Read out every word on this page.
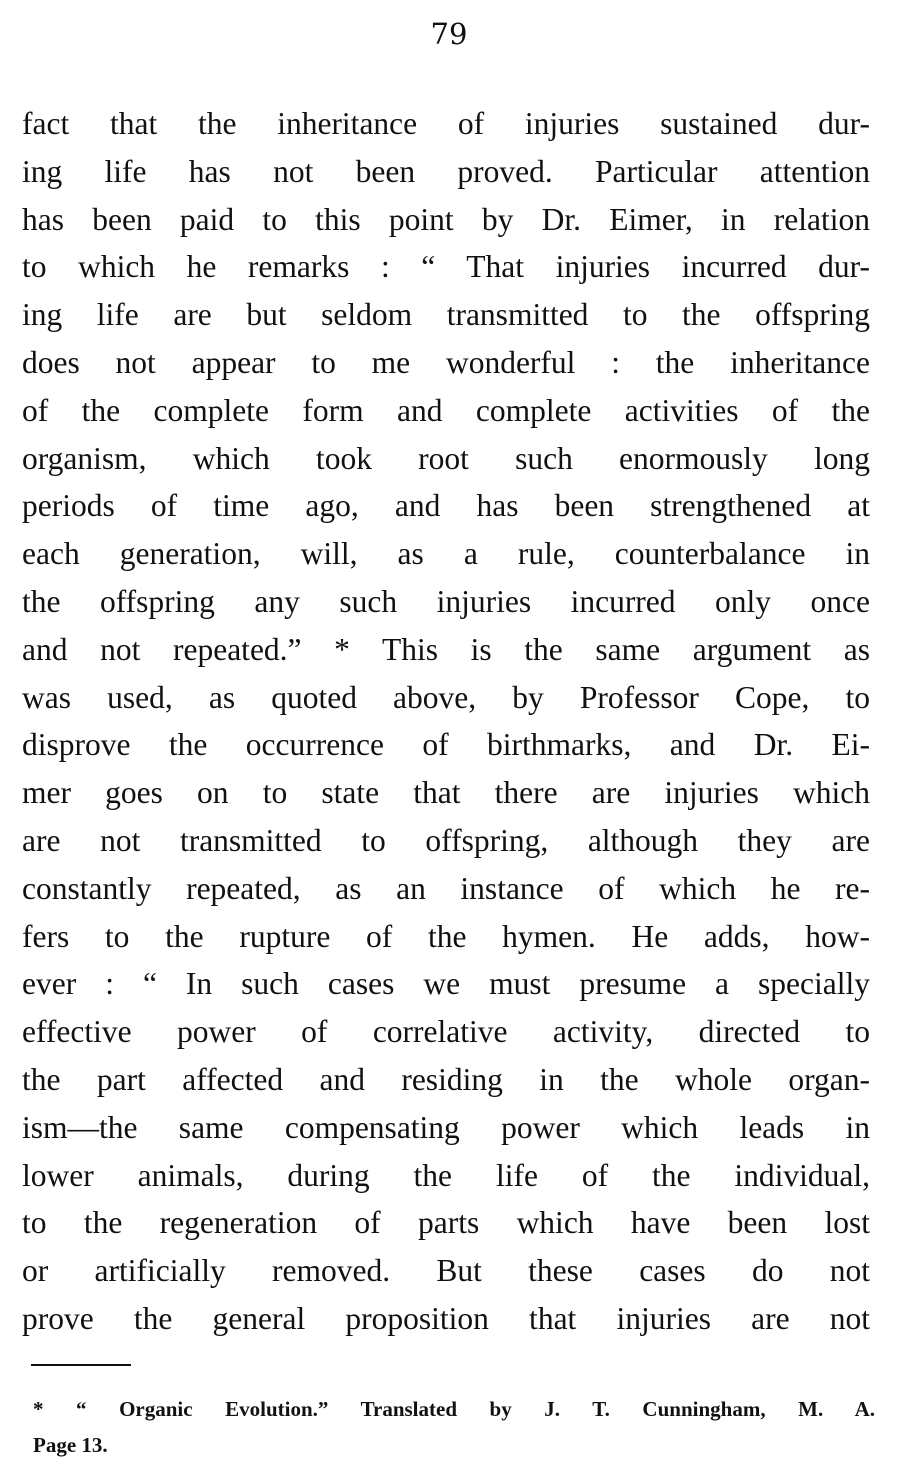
79
fact that the inheritance of injuries sustained dur-
ing life has not been proved. Particular attention
has been paid to this point by Dr. Eimer, in relation
to which he remarks : “ That injuries incurred dur-
ing life are but seldom transmitted to the offspring
does not appear to me wonderful : the inheritance
of the complete form and complete activities of the
organism, which took root such enormously long
periods of time ago, and has been strengthened at
each generation, will, as a rule, counterbalance in
the offspring any such injuries incurred only once
and not repeated.” * This is the same argument as
was used, as quoted above, by Professor Cope, to
disprove the occurrence of birthmarks, and Dr. Ei-
mer goes on to state that there are injuries which
are not transmitted to offspring, although they are
constantly repeated, as an instance of which he re-
fers to the rupture of the hymen. He adds, how-
ever : “ In such cases we must presume a specially
effective power of correlative activity, directed to
the part affected and residing in the whole organ-
ism—the same compensating power which leads in
lower animals, during the life of the individual,
to the regeneration of parts which have been lost
or artificially removed. But these cases do not
prove the general proposition that injuries are not
* “ Organic Evolution.” Translated by J. T. Cunningham, M. A.
Page 13.
